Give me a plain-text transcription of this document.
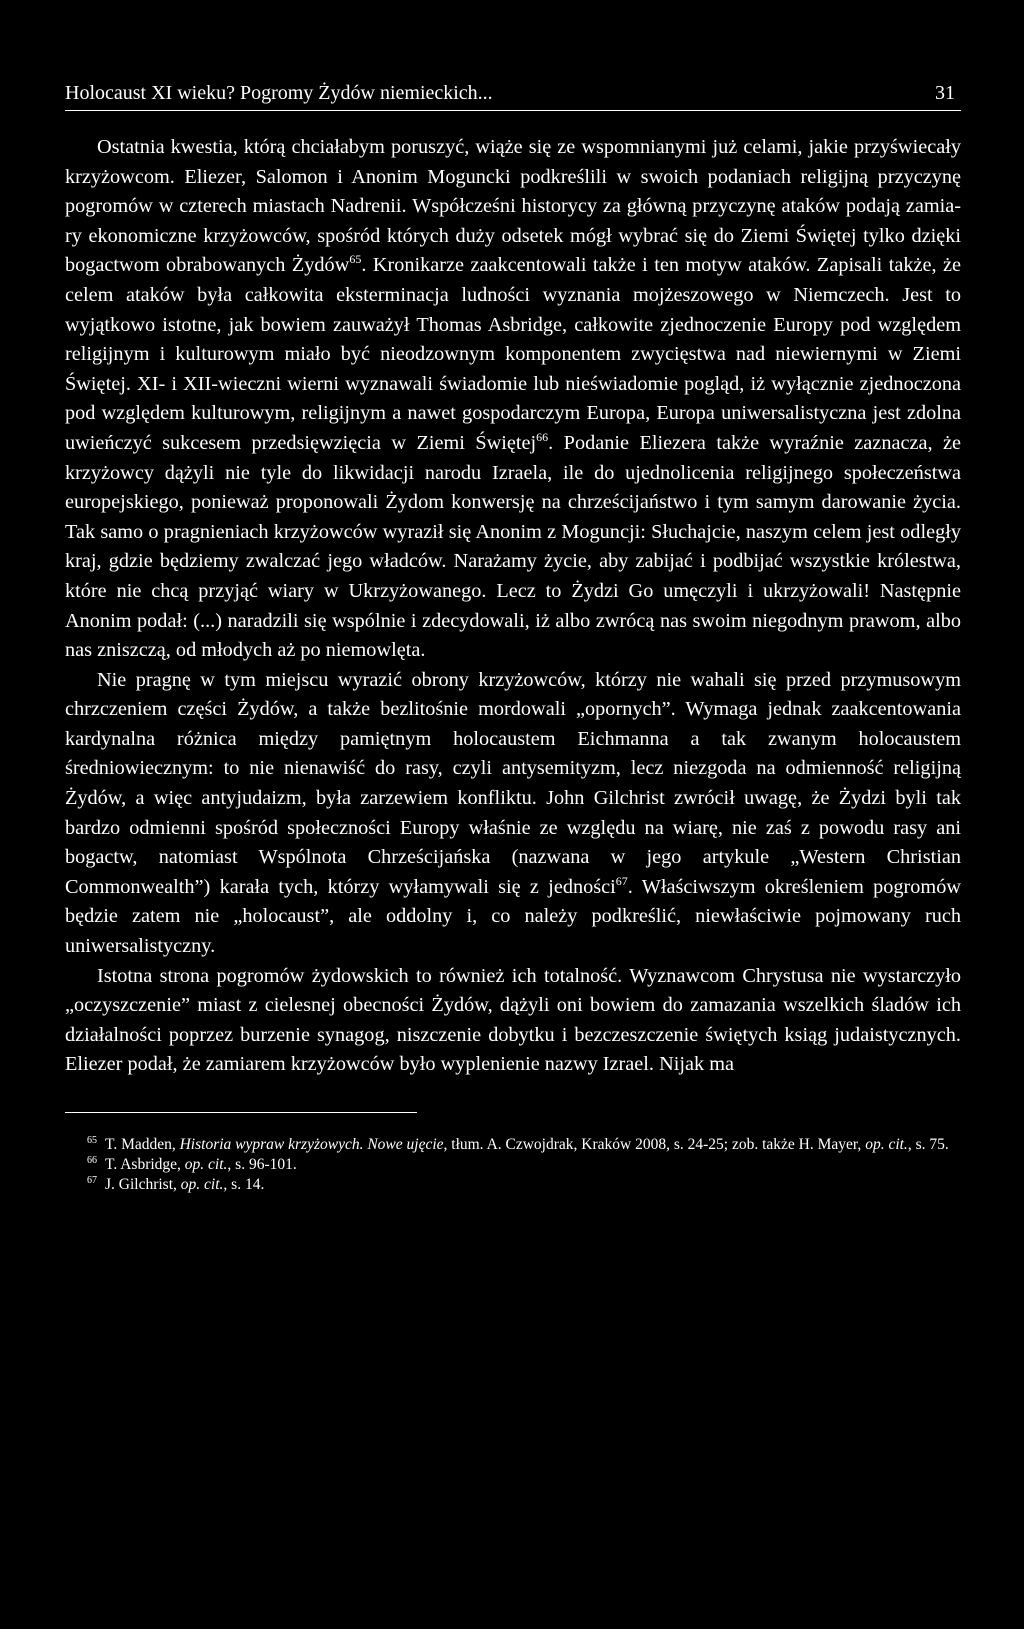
Holocaust XI wieku? Pogromy Żydów niemieckich...	31

Ostatnia kwestia, którą chciałabym poruszyć, wiąże się ze wspomnianymi już celami, jakie przyświecały krzyżowcom. Eliezer, Salomon i Anonim Moguncki podkreślili w swoich podaniach religijną przyczynę pogromów w czterech miastach Nadrenii. Współcześni historycy za główną przyczynę ataków podają zamiary ekonomiczne krzyżowców, spośród których duży odsetek mógł wybrać się do Ziemi Świętej tylko dzięki bogactwom obrabowanych Żydów$^{65}$. Kronikarze zaakcentowali także i ten motyw ataków. Zapisali także, że celem ataków była całkowita eksterminacja ludności wyznania mojżeszowego w Niemczech. Jest to wyjątkowo istotne, jak bowiem zauważył Thomas Asbridge, całkowite zjednoczenie Europy pod względem religijnym i kulturowym miało być nieodzownym komponentem zwycięstwa nad niewiernymi w Ziemi Świętej. XI- i XII-wieczni wierni wyznawali świadomie lub nieświadomie pogląd, iż wyłącznie zjednoczona pod względem kulturowym, religijnym a nawet gospodarczym Europa, Europa uniwersalistyczna jest zdolna uwieńczyć sukcesem przedsięwzięcia w Ziemi Świętej$^{66}$. Podanie Eliezera także wyraźnie zaznacza, że krzyżowcy dążyli nie tyle do likwidacji narodu Izraela, ile do ujednolicenia religijnego społeczeństwa europejskiego, ponieważ proponowali Żydom konwersję na chrześcijaństwo i tym samym darowanie życia. Tak samo o pragnieniach krzyżowców wyraził się Anonim z Moguncji: Słuchajcie, naszym celem jest odległy kraj, gdzie będziemy zwalczać jego władców. Narażamy życie, aby zabijać i podbijać wszystkie królestwa, które nie chcą przyjąć wiary w Ukrzyżowanego. Lecz to Żydzi Go umęczyli i ukrzyżowali! Następnie Anonim podał: (...) naradzili się wspólnie i zdecydowali, iż albo zwrócą nas swoim niegodnym prawom, albo nas zniszczą, od młodych aż po niemowlęta.

Nie pragnę w tym miejscu wyrazić obrony krzyżowców, którzy nie wahali się przed przymusowym chrzczeniem części Żydów, a także bezlitośnie mordowali „opornych”. Wymaga jednak zaakcentowania kardynalna różnica między pamiętnym holocaustem Eichmanna a tak zwanym holocaustem średniowiecznym: to nie nienawiść do rasy, czyli antysemityzm, lecz niezgoda na odmienność religijną Żydów, a więc antyjudaizm, była zarzewiem konfliktu. John Gilchrist zwrócił uwagę, że Żydzi byli tak bardzo odmienni spośród społeczności Europy właśnie ze względu na wiarę, nie zaś z powodu rasy ani bogactw, natomiast Wspólnota Chrześcijańska (nazwana w jego artykule „Western Christian Commonwealth”) karała tych, którzy wyłamywali się z jedności$^{67}$. Właściwszym określeniem pogromów będzie zatem nie „holocaust”, ale oddolny i, co należy podkreślić, niewłaściwie pojmowany ruch uniwersalistyczny.

Istotna strona pogromów żydowskich to również ich totalność. Wyznawcom Chrystusa nie wystarczyło „oczyszczenie” miast z cielesnej obecności Żydów, dążyli oni bowiem do zamazania wszelkich śladów ich działalności poprzez burzenie synagog, niszczenie dobytku i bezczeszczenie świętych ksiąg judaistycznych. Eliezer podał, że zamiarem krzyżowców było wyplenienie nazwy Izrael. Nijak ma

$^{65}$ T. Madden, Historia wypraw krzyżowych. Nowe ujęcie, tłum. A. Czwojdrak, Kraków 2008, s. 24-25; zob. także H. Mayer, op. cit., s. 75.

$^{66}$ T. Asbridge, op. cit., s. 96-101.

$^{67}$ J. Gilchrist, op. cit., s. 14.
